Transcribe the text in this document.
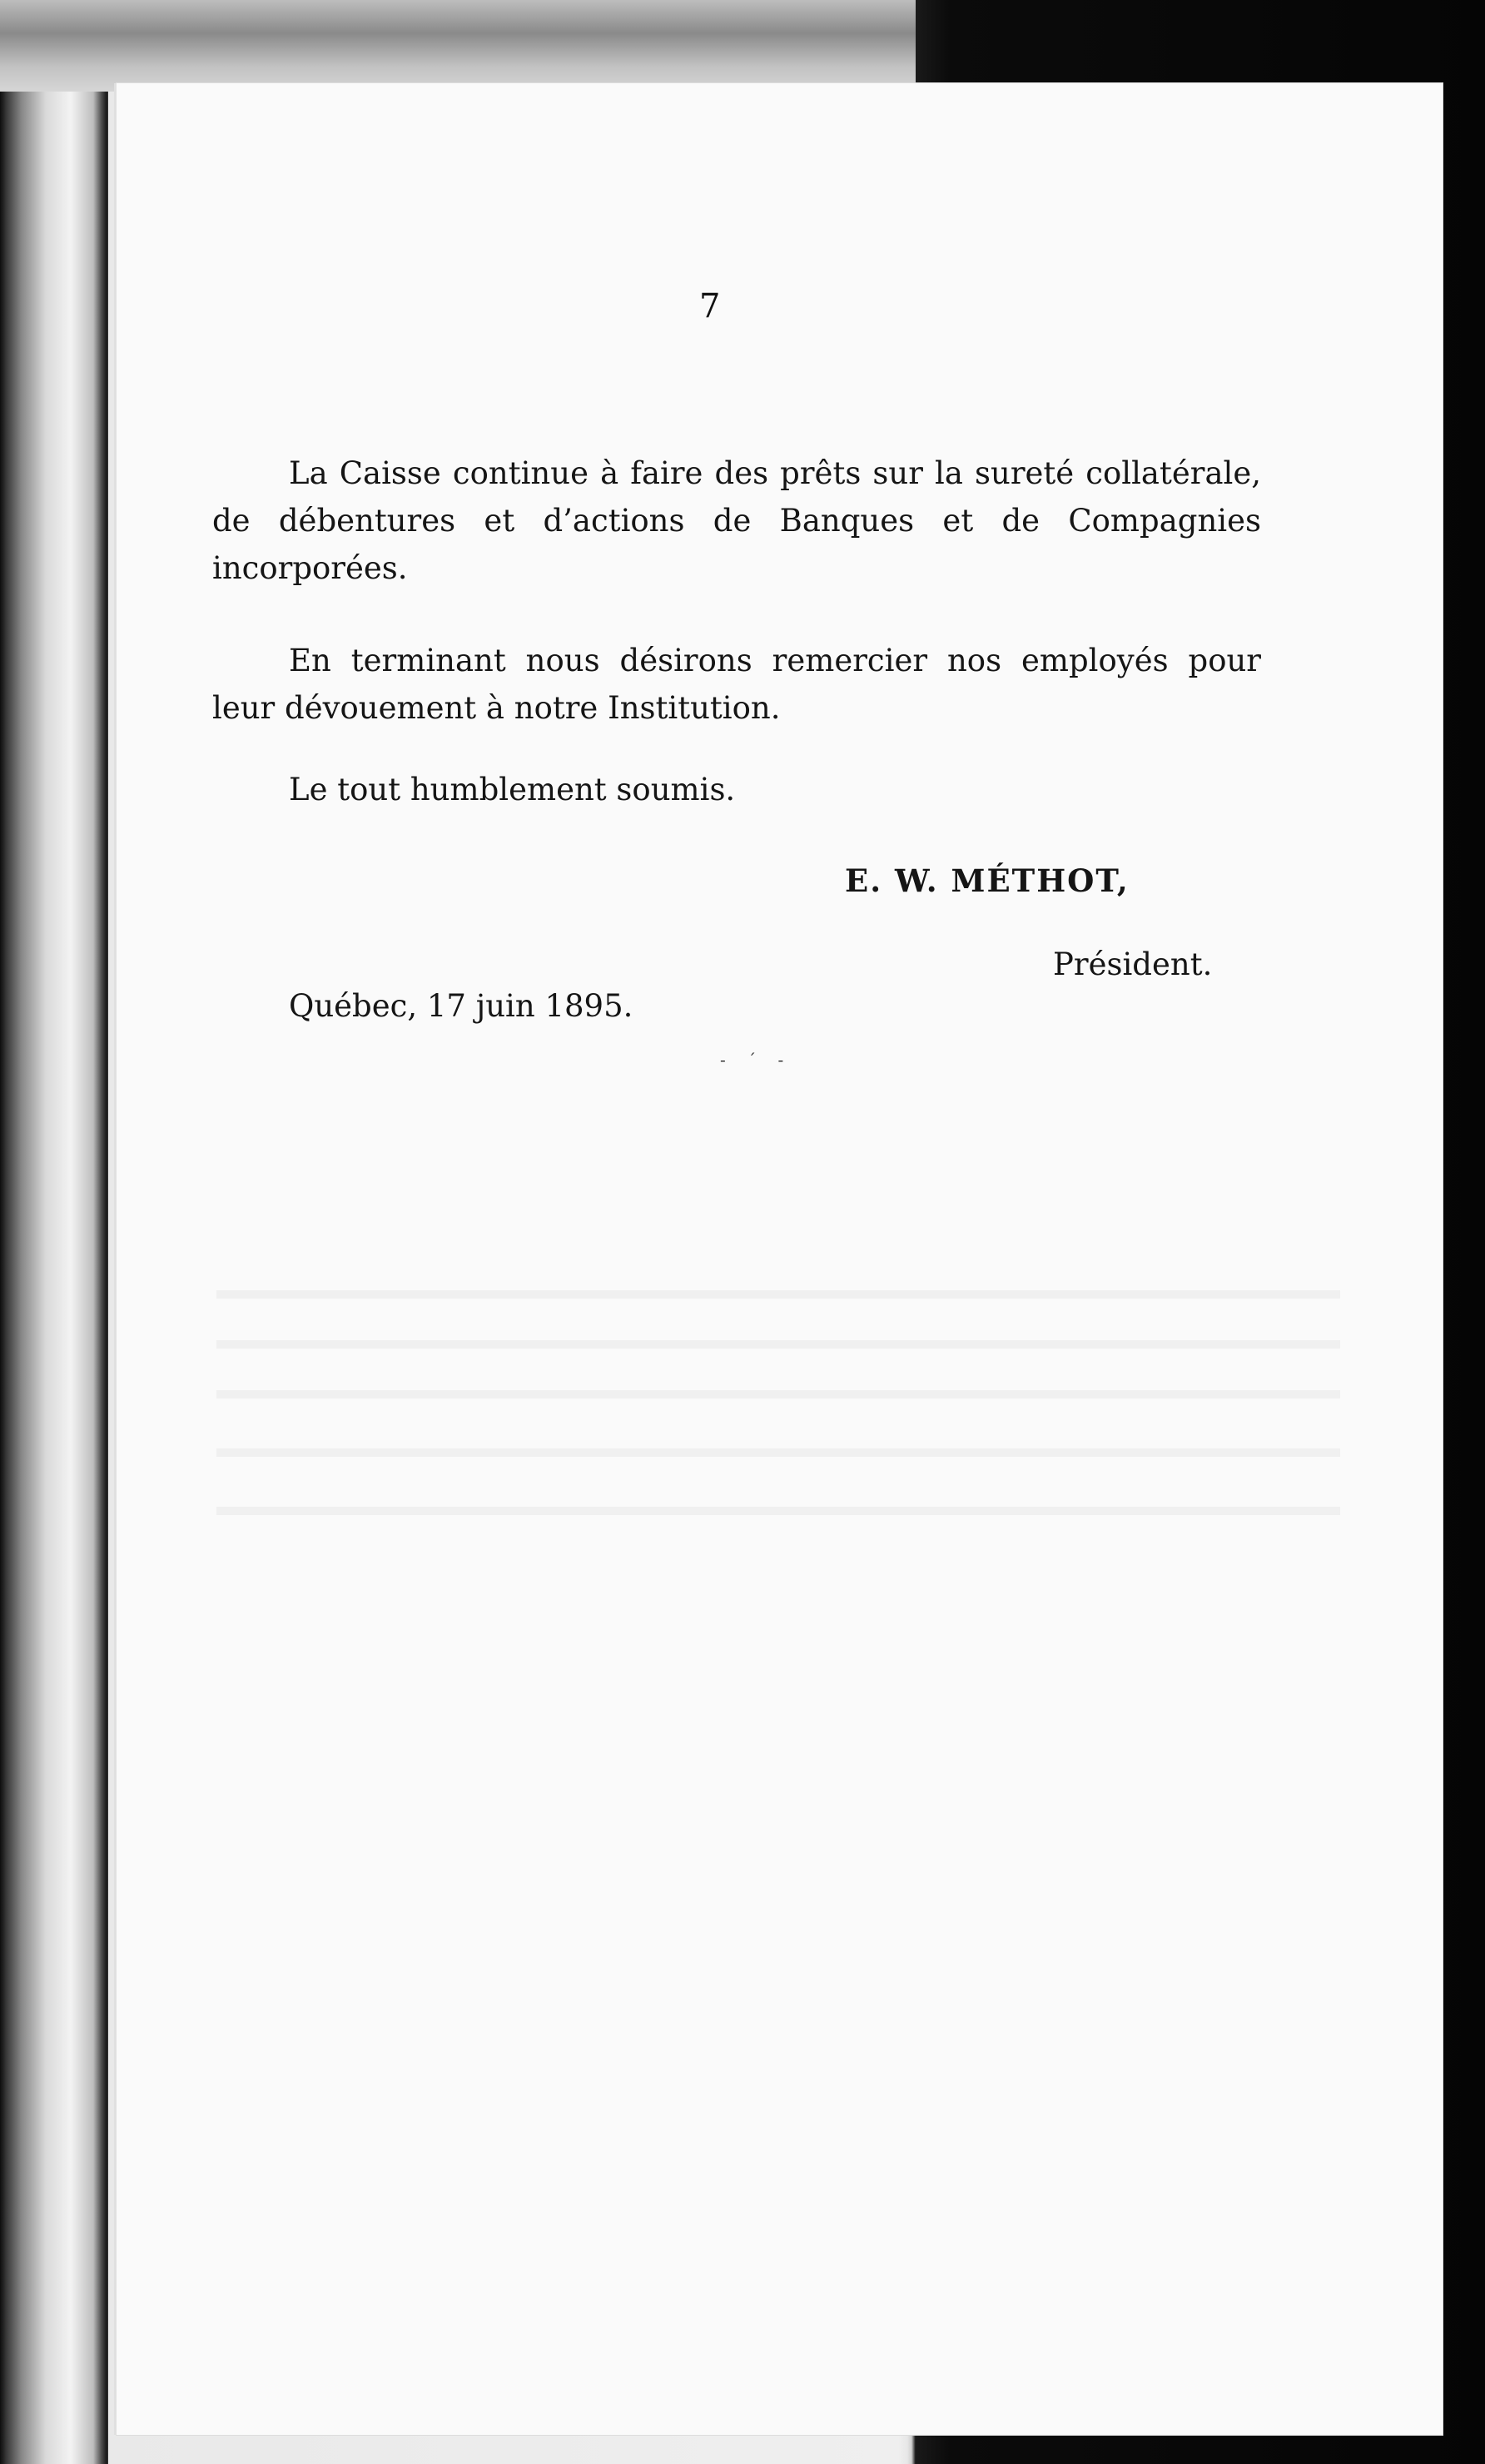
7

La Caisse continue à faire des prêts sur la sureté collatérale, de débentures et d’actions de Banques et de Compagnies incorporées.

En terminant nous désirons remercier nos employés pour leur dévouement à notre Institution.

Le tout humblement soumis.

E. W. MÉTHOT,
Président.
Québec, 17 juin 1895.
- ´ -
